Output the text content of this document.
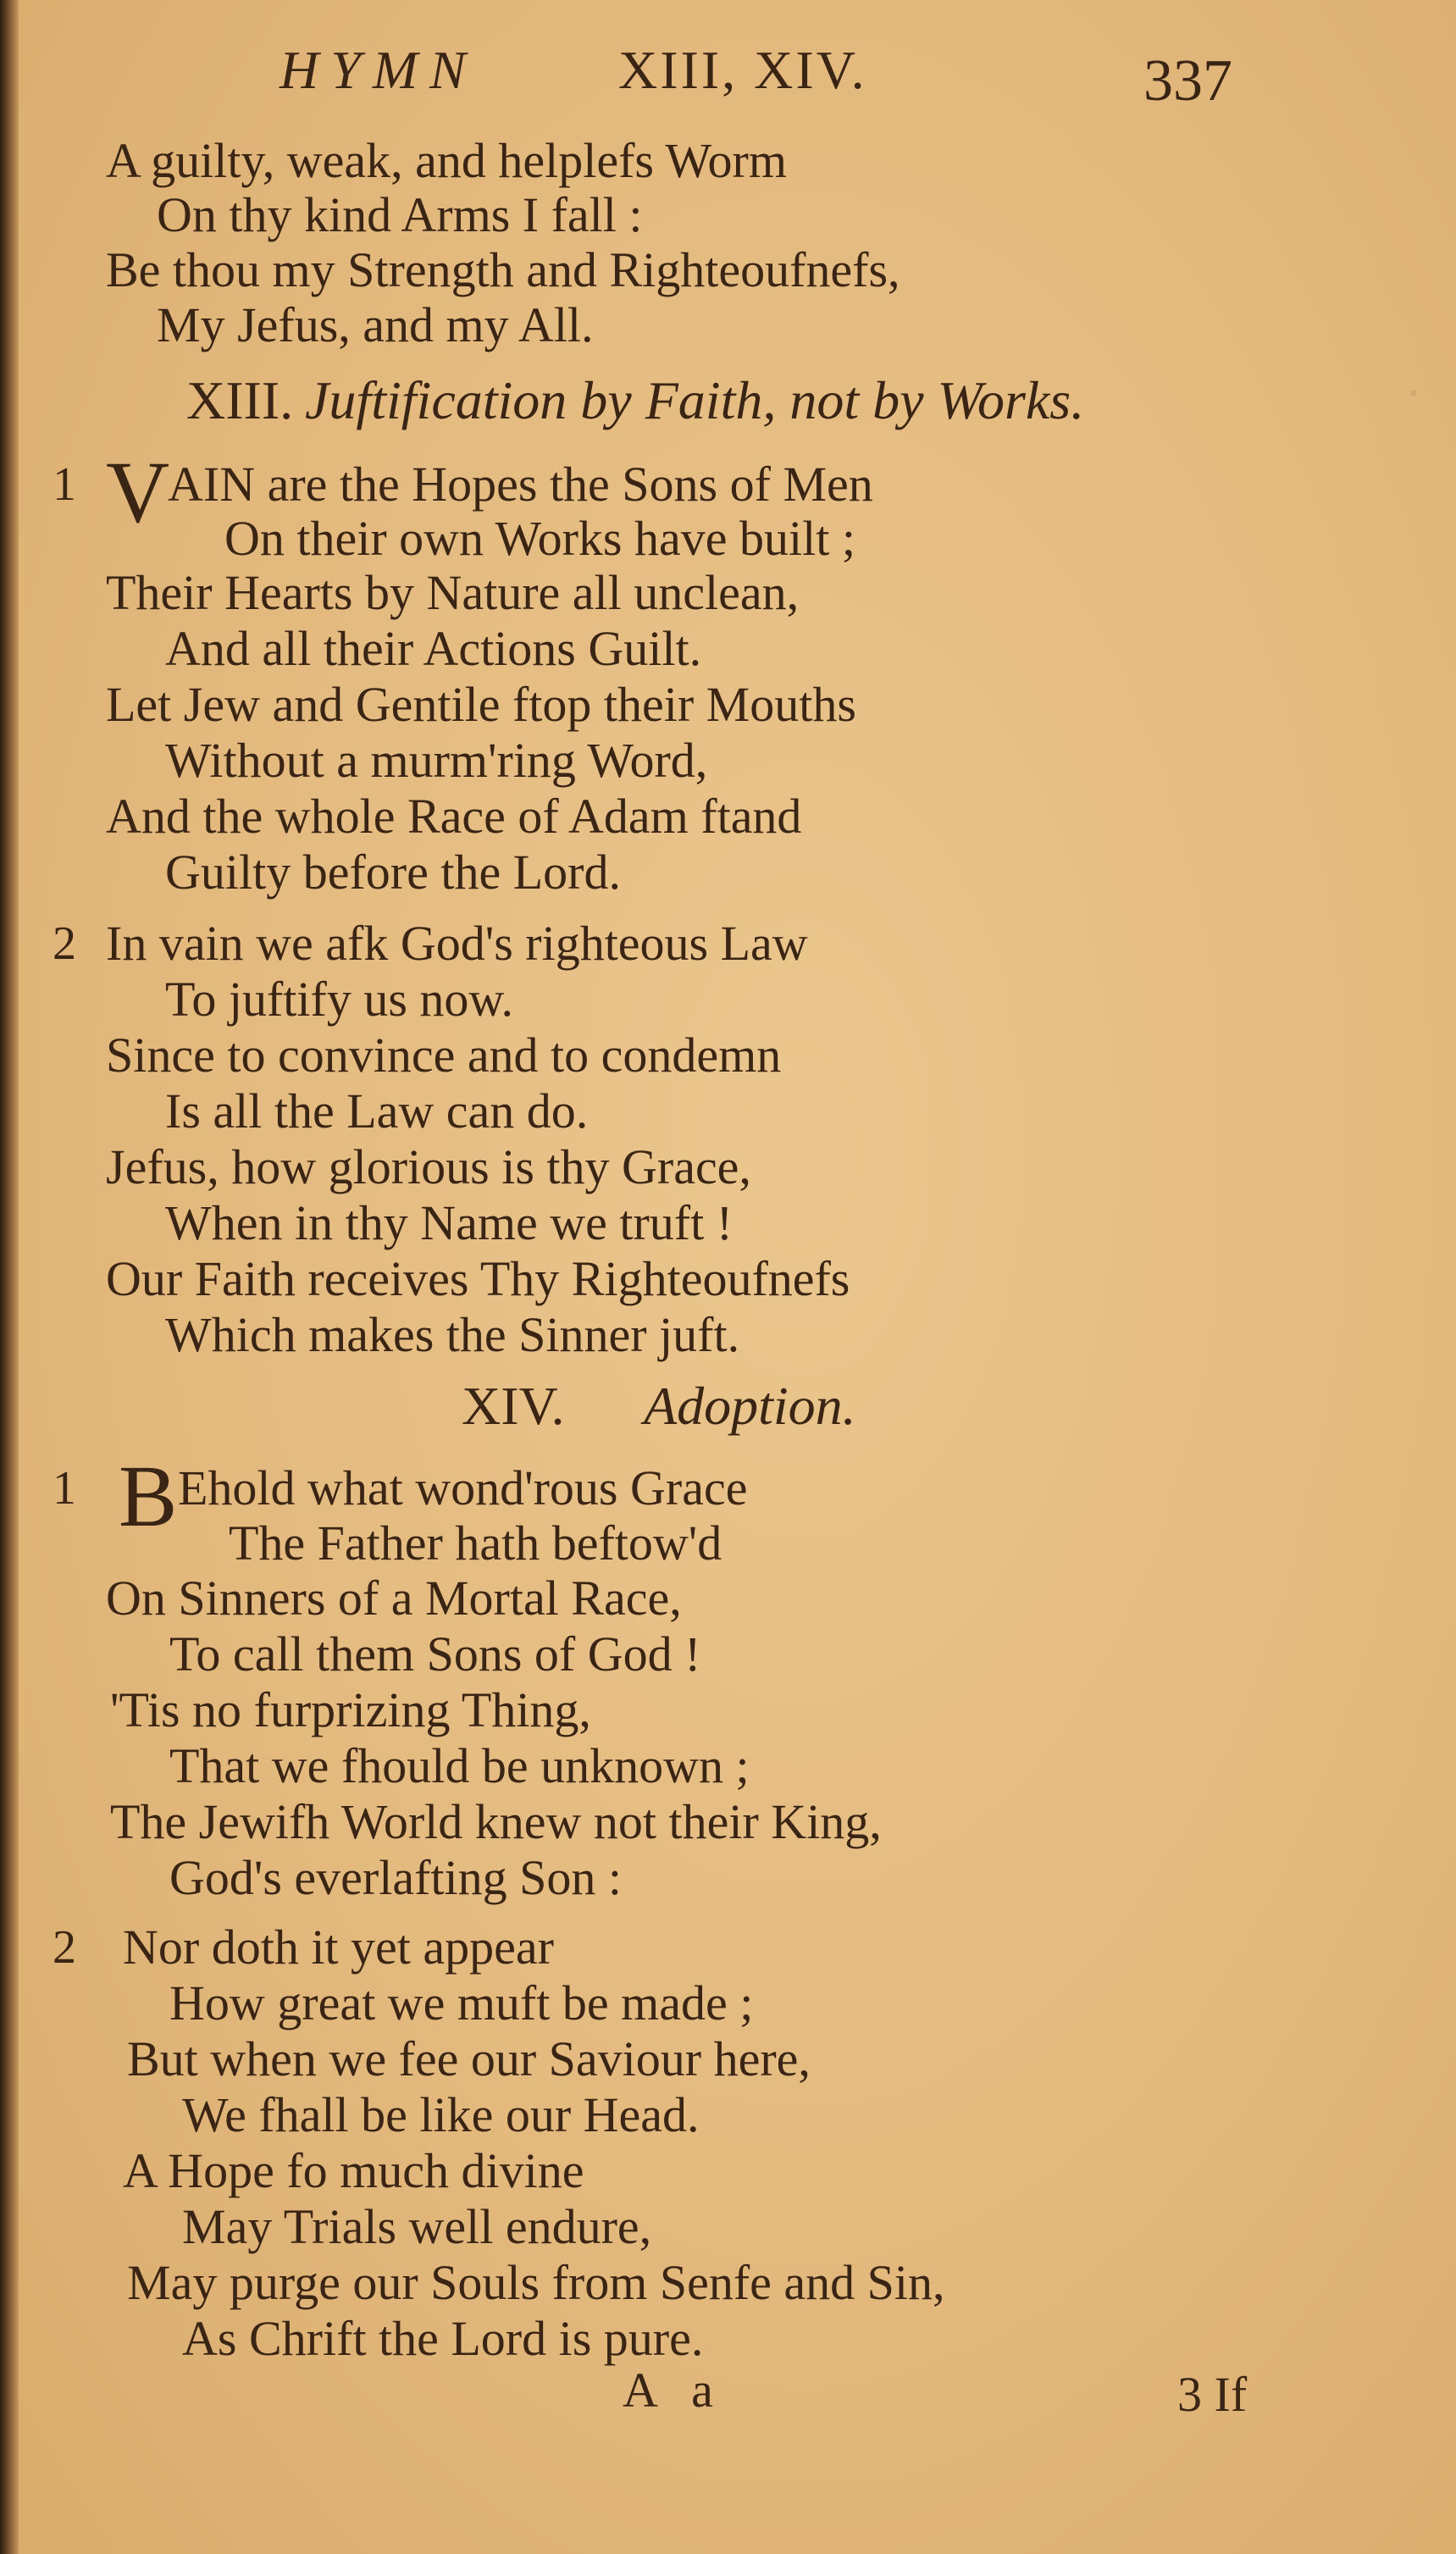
·
HYMN	XIII, XIV.	337
A guilty, weak, and helplefs Worm
On thy kind Arms I fall :
Be thou my Strength and Righteoufnefs,
My Jefus, and my All.
XIII. Juftification by Faith, not by Works.
1 V
AIN are the Hopes the Sons of Men
On their own Works have built ;
Their Hearts by Nature all unclean,
And all their Actions Guilt.
Let Jew and Gentile ftop their Mouths
Without a murm'ring Word,
And the whole Race of Adam ftand
Guilty before the Lord.
2 In vain we afk God's righteous Law
To juftify us now.
Since to convince and to condemn
Is all the Law can do.
Jefus, how glorious is thy Grace,
When in thy Name we truft !
Our Faith receives Thy Righteoufnefs
Which makes the Sinner juft.
XIV. Adoption.
1 B Ehold what wond'rous Grace
The Father hath beftow'd
On Sinners of a Mortal Race,
To call them Sons of God !
'Tis no furprizing Thing,
That we fhould be unknown ;
The Jewifh World knew not their King,
God's everlafting Son :
2 Nor doth it yet appear
How great we muft be made ;
But when we fee our Saviour here,
We fhall be like our Head.
A Hope fo much divine
May Trials well endure,
May purge our Souls from Senfe and Sin,
As Chrift the Lord is pure.
A a	3 If
